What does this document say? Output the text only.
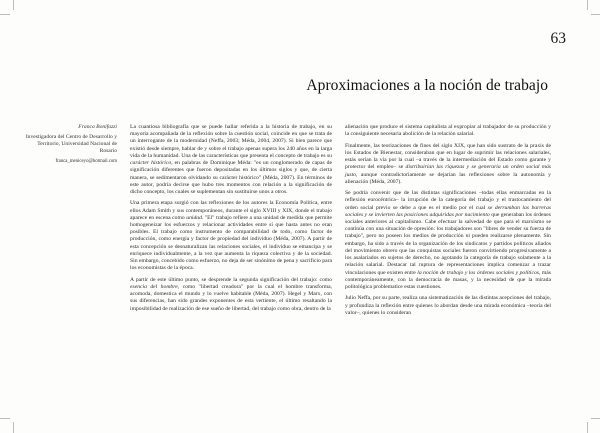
63
Aproximaciones a la noción de trabajo
Franca Bonifazzi
Investigadora del Centro de Desarrollo y Territorio, Universidad Nacional de Rosario
franca_meniceyo@hotmail.com

La cuantiosa bibliografía que se puede hallar referida a la historia de trabajo, en su mayoría acompañada de la reflexión sobre la cuestión social, coincide en que se trata de un interrogante de la modernidad (Neffa, 2003; Méda, 2004, 2007). Si bien parece que existió desde siempre, hablar de y sobre el trabajo apenas supera los 240 años en la larga vida de la humanidad. Una de las características que presenta el concepto de trabajo es su carácter histórico, en palabras de Dominique Méda: "es un conglomerado de capas de significación diferentes que fueron depositadas en los últimos siglos y que, de cierta manera, se sedimentaron olvidando su carácter histórico" (Méda, 2007). En términos de este autor, podría decirse que hubo tres momentos con relación a la significación de dicho concepto, los cuales se suplementan sin sustituirse unos a otros.

Una primera etapa surgió con las reflexiones de los autores la Economía Política, entre ellos Adam Smith y sus contemporáneos, durante el siglo XVIII y XIX, donde el trabajo aparece en escena como unidad. "El" trabajo refiere a una unidad de medida que permite homogeneizar los esfuerzos y relacionar actividades entre sí que hasta antes no eran posibles. El trabajo como instrumento de comparabilidad de todo, como factor de producción, como energía y factor de propiedad del individuo (Méda, 2007). A partir de esta concepción se desnaturalizan las relaciones sociales, el individuo se emancipa y se enriquece individualmente, a la vez que aumenta la riqueza colectiva y de la sociedad. Sin embargo, concebido como esfuerzo, no deja de ser sinónimo de pena y sacrificio para los economistas de la época.

A partir de este último punto, se desprende la segunda significación del trabajo: como esencia del hombre, como "libertad creadora" por la cual el hombre transforma, acomoda, domestica el mundo y lo vuelve habitable (Méda, 2007). Hegel y Marx, con sus diferencias, han sido grandes exponentes de esta vertiente, el último resaltando la imposibilidad de realización de ese sueño de libertad, del trabajo como obra, dentro de la

alienación que produce el sistema capitalista al expropiar al trabajador de su producción y la consiguiente necesaria abolición de la relación salarial.

Finalmente, las teorizaciones de fines del siglo XIX, que han sido sustrato de la praxis de los Estados de Bienestar, consideraban que en lugar de suprimir las relaciones salariales, estás serían la vía por la cual –a través de la intermediación del Estado como garante y protector del empleo– se distribuirían las riquezas y se generaría un orden social más justo, aunque contradictoriamente se dejarían las reflexiones sobre la autonomía y alienación (Méda, 2007).

Se podría convenir que de las distintas significaciones –todas ellas enmarcadas en la reflexión eurocéntrica– la irrupción de la categoría del trabajo y el trastocamiento del orden social previo se debe a que es el medio por el cual se derrumban las barreras sociales y se invierten las posiciones adquiridas por nacimiento que generaban los órdenes sociales anteriores al capitalismo. Cabe efectuar la salvedad de que para el marxismo se continúa con una situación de opresión: los trabajadores son "libres de vender su fuerza de trabajo", pero no poseen los medios de producción ni pueden realizarse plenamente. Sin embargo, ha sido a través de la organización de los sindicatos y partidos políticos aliados del movimiento obrero que las conquistas sociales fueron convirtiendo progresivamente a los asalariados en sujetos de derecho, no agotando la categoría de trabajo solamente a la relación salarial. Destacar tal ruptura de representaciones implica comenzar a trazar vinculaciones que existen entre la noción de trabajo y los órdenes sociales y políticos, más contemporáneamente, con la democracia de masas, y la necesidad de que la mirada politológica problematice estas cuestiones.

Julio Neffa, por su parte, realiza una sistematización de las distintas acepciones del trabajo, y profundiza la reflexión entre quienes lo abordan desde una mirada económica –teoría del valor–, quienes lo consideran
